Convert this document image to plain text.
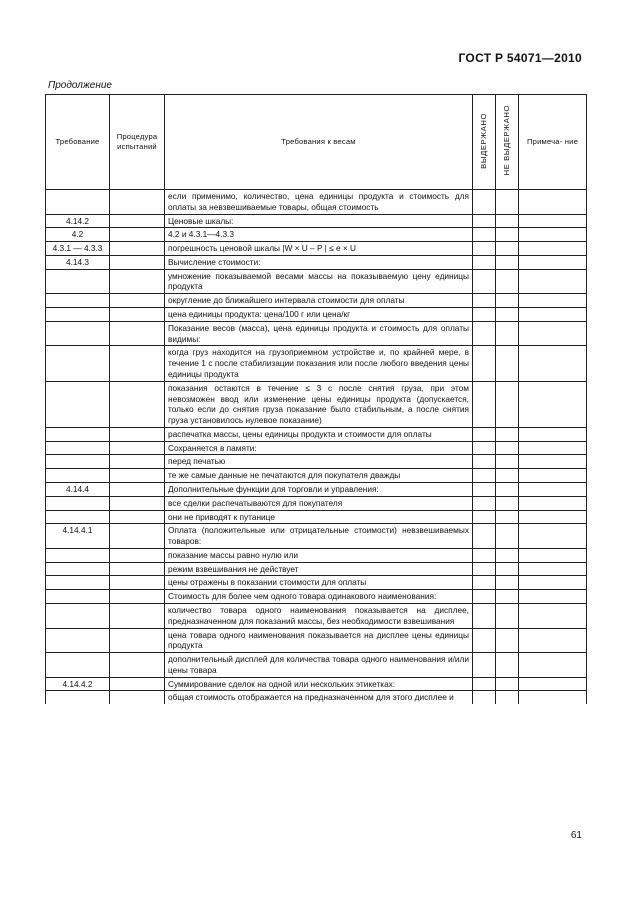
ГОСТ Р 54071—2010
Продолжение
Требование	Процедура испытаний	Требования к весам	ВЫДЕРЖАНО	НЕ ВЫДЕРЖАНО	Примеча- ние
		если применимо, количество, цена единицы продукта и стоимость для оплаты за невзвешиваемые товары, общая стоимость			
4.14.2		Ценовые шкалы:			
4.2		4.2 и 4.3.1—4.3.3			
4.3.1 — 4.3.3		погрешность ценовой шкалы |W × U – P | ≤ e × U			
4.14.3		Вычисление стоимости:			
		умножение показываемой весами массы на показываемую цену единицы продукта			
		округление до ближайшего интервала стоимости для оплаты			
		цена единицы продукта: цена/100 г или цена/кг			
		Показание весов (масса), цена единицы продукта и стоимость для оплаты видимы:			
		когда груз находится на грузоприемном устройстве и, по крайней мере, в течение 1 с после стабилизации показания или после любого введения цены единицы продукта			
		показания остаются в течение ≤ 3 с после снятия груза, при этом невозможен ввод или изменение цены единицы продукта (допускается, только если до снятия груза показание было стабильным, а после снятия груза установилось нулевое показание)			
		распечатка массы, цены единицы продукта и стоимости для оплаты			
		Сохраняется в памяти:			
		перед печатью			
		те же самые данные не печатаются для покупателя дважды			
4.14.4		Дополнительные функции для торговли и управления:			
		все сделки распечатываются для покупателя			
		они не приводят к путанице			
4.14.4.1		Оплата (положительные или отрицательные стоимости) невзвешиваемых товаров:			
		показание массы равно нулю или			
		режим взвешивания не действует			
		цены отражены в показании стоимости для оплаты			
		Стоимость для более чем одного товара одинакового наименования:			
		количество товара одного наименования показывается на дисплее, предназначенном для показаний массы, без необходимости взвешивания			
		цена товара одного наименования показывается на дисплее цены единицы продукта			
		дополнительный дисплей для количества товара одного наименования и/или цены товара			
4.14.4.2		Суммирование сделок на одной или нескольких этикетках:			
		общая стоимость отображается на предназначенном для этого дисплее и			
61
